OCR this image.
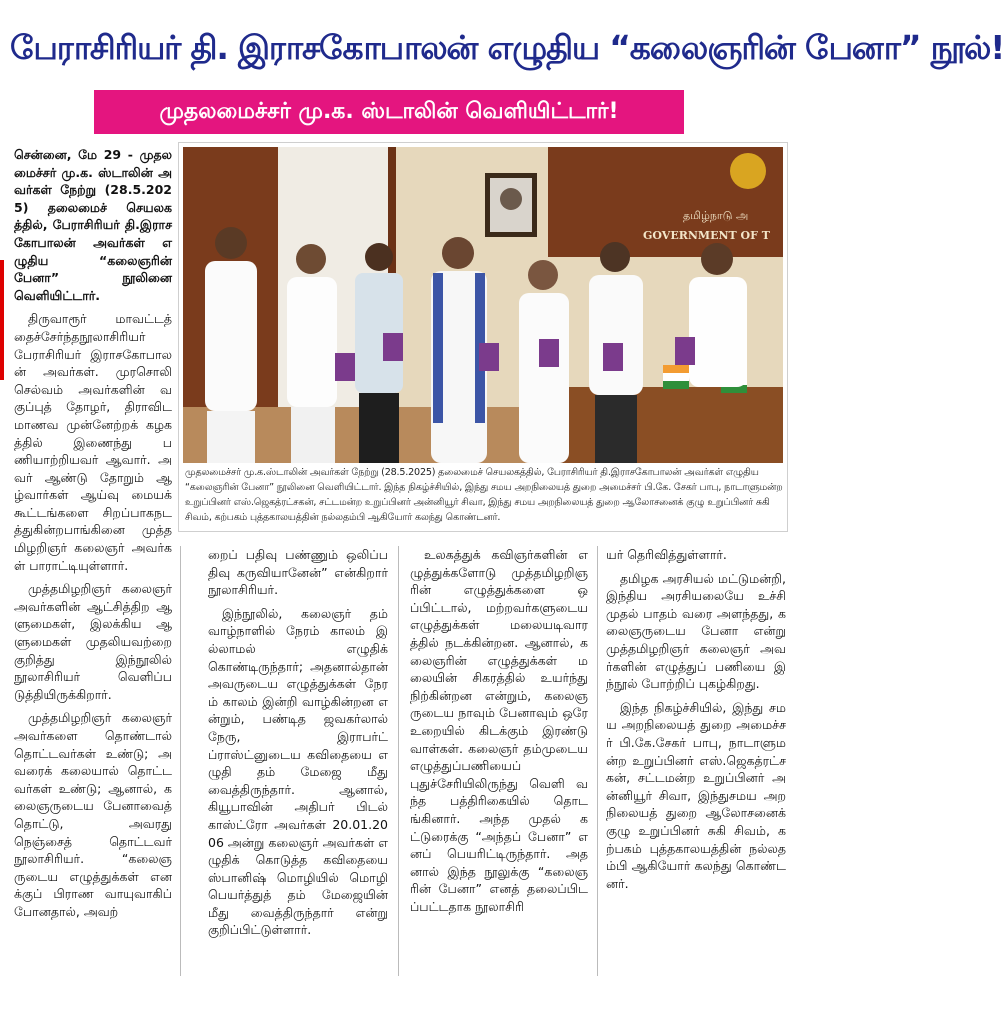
பேராசிரியர் தி. இராசகோபாலன் எழுதிய “கலைஞரின் பேனா” நூல்!
முதலமைச்சர் மு.க. ஸ்டாலின் வெளியிட்டார்!
தமிழ்நாடு அ
GOVERNMENT OF T
முதலமைச்சர் மு.க.ஸ்டாலின் அவர்கள் நேற்று (28.5.2025) தலைமைச் செயலகத்தில், பேராசிரியர் தி.இராசகோபாலன் அவர்கள் எழுதிய “கலைஞரின் பேனா” நூலினை வெளியிட்டார். இந்த நிகழ்ச்சியில், இந்து சமய அறநிலையத் துறை அமைச்சர் பி.கே. சேகர் பாபு, நாடாளுமன்ற உறுப்பினர் எஸ்.ஜெகத்ரட்சகன், சட்டமன்ற உறுப்பினர் அன்னியூர் சிவா, இந்து சமய அறநிலையத் துறை ஆலோசனைக் குழு உறுப்பினர் சுகி சிவம், கற்பகம் புத்தகாலயத்தின் நல்லதம்பி ஆகியோர் கலந்து கொண்டனர்.

சென்னை, மே 29 - முதலமைச்சர் மு.க. ஸ்டாலின் அவர்கள் நேற்று (28.5.2025) தலைமைச் செயலகத்தில், பேராசிரியர் தி.இராசகோபாலன் அவர்கள் எழுதிய “கலைஞரின் பேனா” நூலினை வெளியிட்டார்.

திருவாரூர் மாவட்டத் தைச்சேர்ந்தநூலாசிரியர் பேராசிரியர் இராசகோபாலன் அவர்கள். முரசொலி செல்வம் அவர்களின் வகுப்புத் தோழர், திராவிட மாணவ முன்னேற்றக் கழகத்தில் இணைந்து பணியாற்றியவர் ஆவார். அவர் ஆண்டு தோறும் ஆழ்வார்கள் ஆய்வு மையக் கூட்டங்களை சிறப்பாகநடத்துகின்றபாங்கினை முத்தமிழறிஞர் கலைஞர் அவர்கள் பாராட்டியுள்ளார்.

முத்தமிழறிஞர் கலைஞர் அவர்களின் ஆட்சித்திற ஆளுமைகள், இலக்கிய ஆளுமைகள் முதலியவற்றை குறித்து இந்நூலில் நூலாசிரியர் வெளிப்படுத்தியிருக்கிறார்.

முத்தமிழறிஞர் கலைஞர் அவர்களை தொண்டால் தொட்டவர்கள் உண்டு; அவரைக் கலையால் தொட்டவர்கள் உண்டு; ஆனால், கலைஞருடைய பேனாவைத் தொட்டு, அவரது நெஞ்சைத் தொட்டவர் நூலாசிரியர். “கலைஞருடைய எழுத்துக்கள் எனக்குப் பிராண வாயுவாகிப் போனதால், அவற்

றைப் பதிவு பண்ணும் ஒலிப்பதிவு கருவியானேன்” என்கிறார் நூலாசிரியர்.

இந்நூலில், கலைஞர் தம் வாழ்நாளில் நேரம் காலம் இல்லாமல் எழுதிக் கொண்டிருந்தார்; அதனால்தான் அவருடைய எழுத்துக்கள் நேரம் காலம் இன்றி வாழ்கின்றன என்றும், பண்டித ஜவகர்லால் நேரு, இராபர்ட் ப்ராஸ்ட்னுடைய கவிதையை எழுதி தம் மேஜை மீது வைத்திருந்தார். ஆனால், கியூபாவின் அதிபர் பிடல் காஸ்ட்ரோ அவர்கள் 20.01.2006 அன்று கலைஞர் அவர்கள் எழுதிக் கொடுத்த கவிதையை ஸ்பானிஷ் மொழியில் மொழி பெயர்த்துத் தம் மேஜையின் மீது வைத்திருந்தார் என்று குறிப்பிட்டுள்ளார்.

உலகத்துக் கவிஞர்களின் எழுத்துக்களோடு முத்தமிழறிஞரின் எழுத்துக்களை ஒப்பிட்டால், மற்றவர்களுடைய எழுத்துக்கள் மலையடிவாரத்தில் நடக்கின்றன. ஆனால், கலைஞரின் எழுத்துக்கள் மலையின் சிகரத்தில் உயர்ந்து நிற்கின்றன என்றும், கலைஞருடைய நாவும் பேனாவும் ஒரே உறையில் கிடக்கும் இரண்டு வாள்கள். கலைஞர் தம்முடைய எழுத்துப்பணியைப் புதுச்சேரியிலிருந்து வெளி வந்த பத்திரிகையில் தொடங்கினார். அந்த முதல் கட்டுரைக்கு “அந்தப் பேனா” எனப் பெயரிட்டிருந்தார். அதனால் இந்த நூலுக்கு “கலைஞரின் பேனா” எனத் தலைப்பிடப்பட்டதாக நூலாசிரி

யர் தெரிவித்துள்ளார்.

தமிழக அரசியல் மட்டுமன்றி, இந்திய அரசியலையே உச்சி முதல் பாதம் வரை அளந்தது, கலைஞருடைய பேனா என்று முத்தமிழறிஞர் கலைஞர் அவர்களின் எழுத்துப் பணியை இந்நூல் போற்றிப் புகழ்கிறது.

இந்த நிகழ்ச்சியில், இந்து சமய அறநிலையத் துறை அமைச்சர் பி.கே.சேகர் பாபு, நாடாளுமன்ற உறுப்பினர் எஸ்.ஜெகத்ரட்சகன், சட்டமன்ற உறுப்பினர் அன்னியூர் சிவா, இந்துசமய அறநிலையத் துறை ஆலோசனைக் குழு உறுப்பினர் சுகி சிவம், கற்பகம் புத்தகாலயத்தின் நல்லதம்பி ஆகியோர் கலந்து கொண்டனர்.
